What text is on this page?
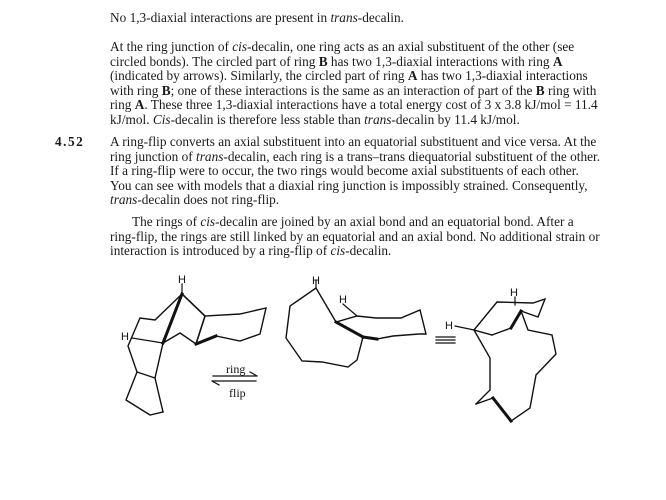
No 1,3-diaxial interactions are present in trans-decalin.

At the ring junction of cis-decalin, one ring acts as an axial substituent of the other (see circled bonds). The circled part of ring B has two 1,3-diaxial interactions with ring A (indicated by arrows). Similarly, the circled part of ring A has two 1,3-diaxial interactions with ring B; one of these interactions is the same as an interaction of part of the B ring with ring A. These three 1,3-diaxial interactions have a total energy cost of 3 x 3.8 kJ/mol = 11.4 kJ/mol. Cis-decalin is therefore less stable than trans-decalin by 11.4 kJ/mol.

4.52 A ring-flip converts an axial substituent into an equatorial substituent and vice versa. At the ring junction of trans-decalin, each ring is a trans–trans diequatorial substituent of the other. If a ring-flip were to occur, the two rings would become axial substituents of each other. You can see with models that a diaxial ring junction is impossibly strained. Consequently, trans-decalin does not ring-flip.

The rings of cis-decalin are joined by an axial bond and an equatorial bond. After a ring-flip, the rings are still linked by an equatorial and an axial bond. No additional strain or interaction is introduced by a ring-flip of cis-decalin.

H
H
ring
flip
H
H
H
H
